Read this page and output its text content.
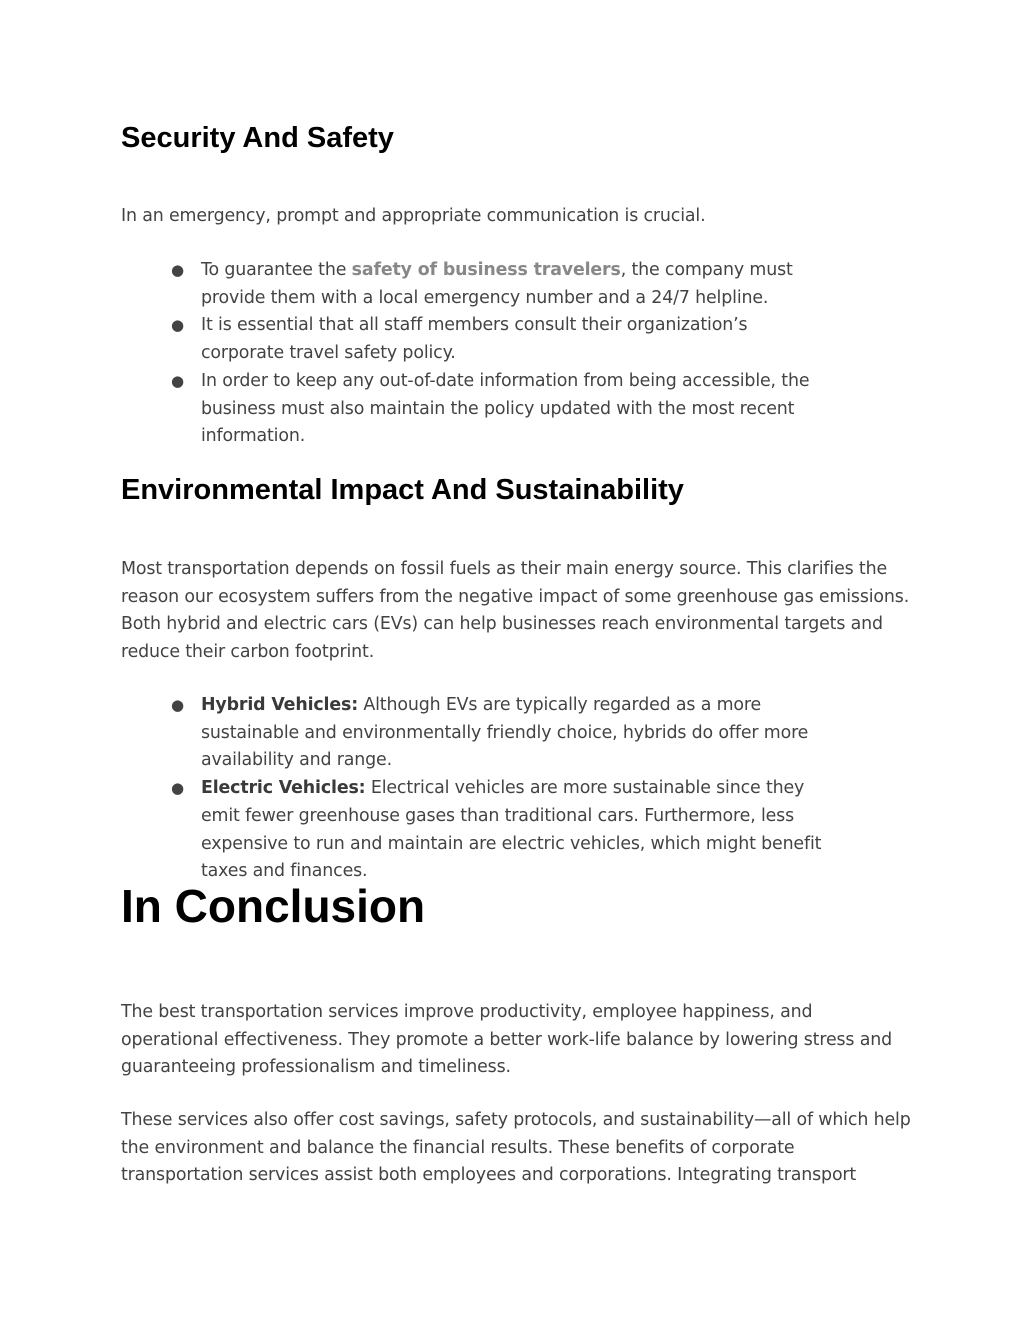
Security And Safety

In an emergency, prompt and appropriate communication is crucial.

● To guarantee the safety of business travelers, the company must provide them with a local emergency number and a 24/7 helpline.
● It is essential that all staff members consult their organization’s corporate travel safety policy.
● In order to keep any out-of-date information from being accessible, the business must also maintain the policy updated with the most recent information.
Environmental Impact And Sustainability

Most transportation depends on fossil fuels as their main energy source. This clarifies the reason our ecosystem suffers from the negative impact of some greenhouse gas emissions. Both hybrid and electric cars (EVs) can help businesses reach environmental targets and reduce their carbon footprint.

● Hybrid Vehicles: Although EVs are typically regarded as a more sustainable and environmentally friendly choice, hybrids do offer more availability and range.
● Electric Vehicles: Electrical vehicles are more sustainable since they emit fewer greenhouse gases than traditional cars. Furthermore, less expensive to run and maintain are electric vehicles, which might benefit taxes and finances.
In Conclusion

The best transportation services improve productivity, employee happiness, and operational effectiveness. They promote a better work-life balance by lowering stress and guaranteeing professionalism and timeliness.

These services also offer cost savings, safety protocols, and sustainability—all of which help the environment and balance the financial results. These benefits of corporate transportation services assist both employees and corporations. Integrating transport
